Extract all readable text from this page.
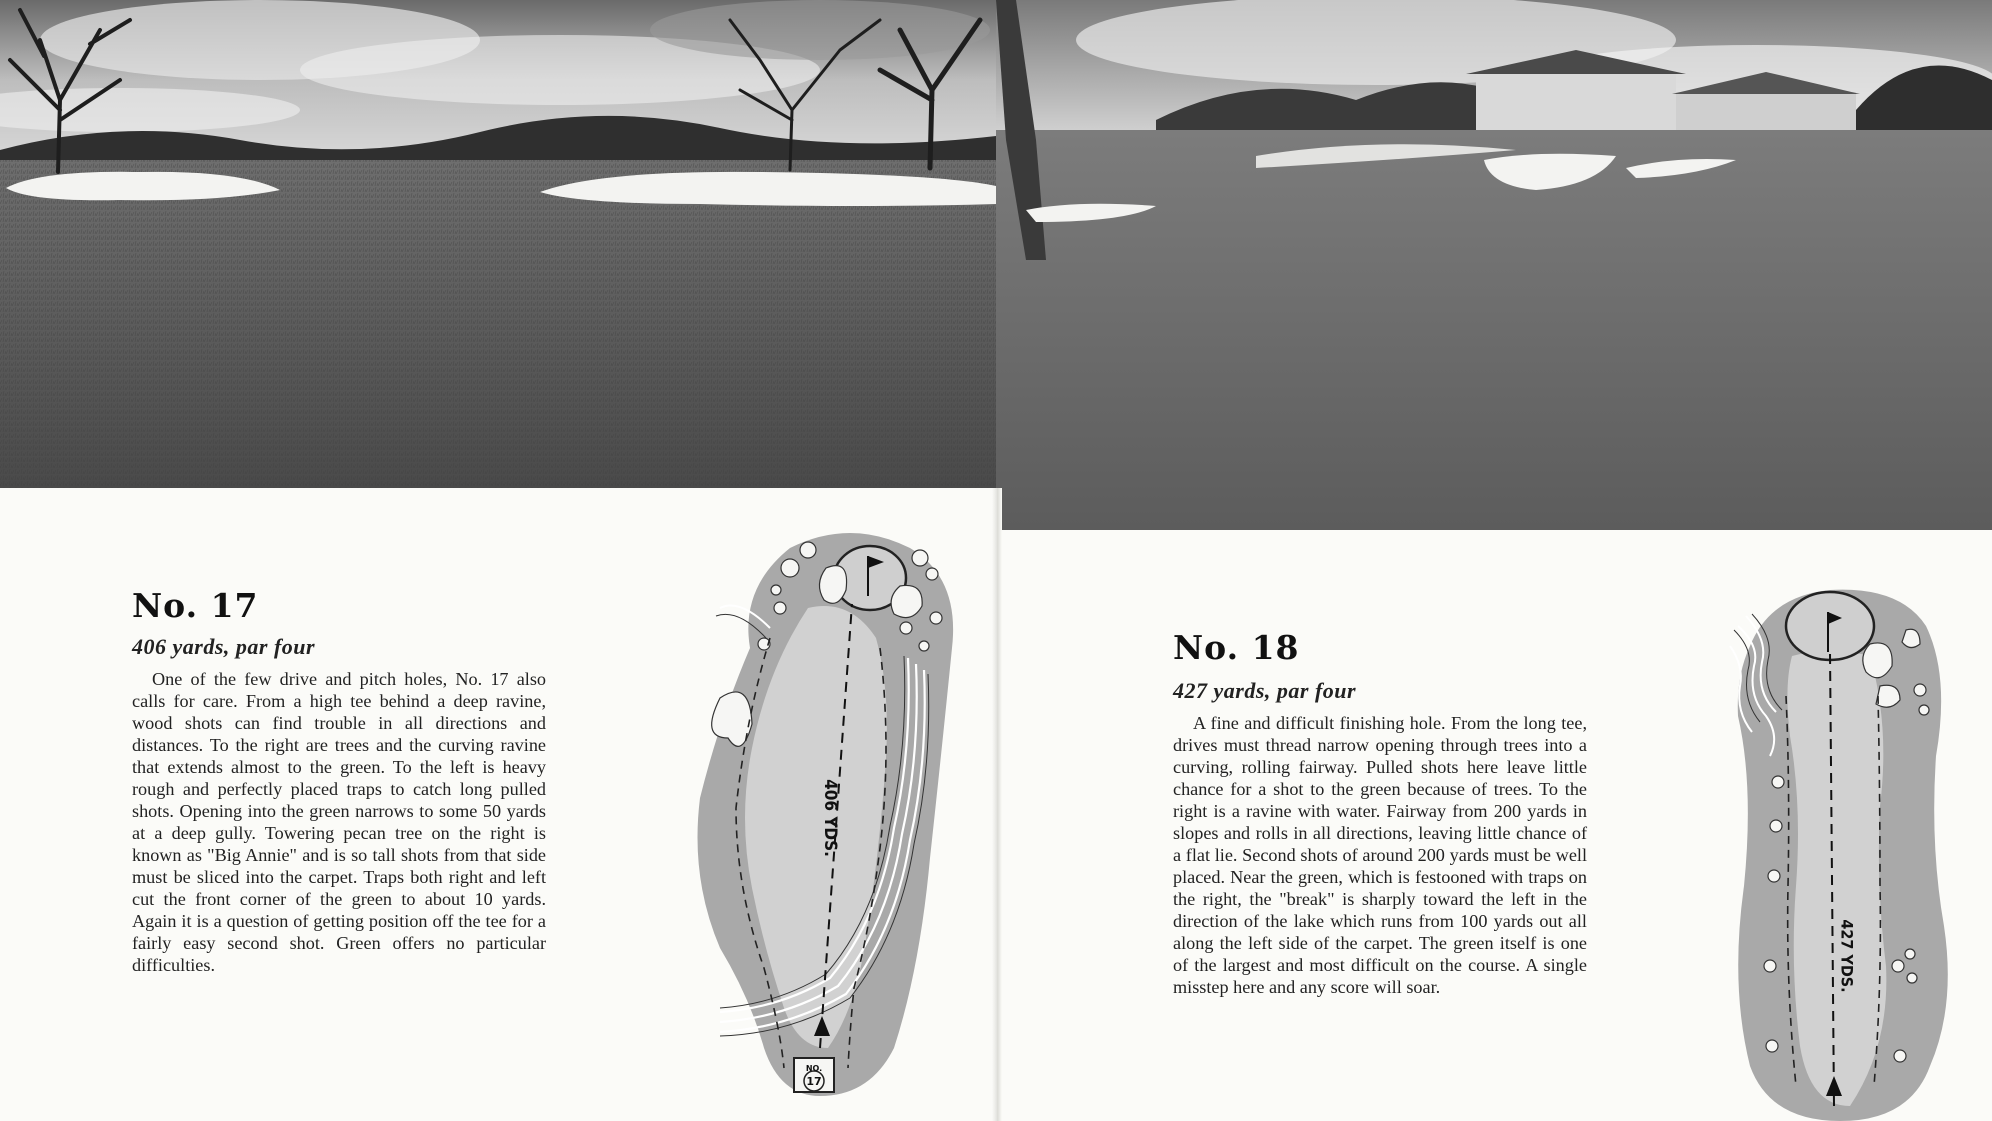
No. 17
406 yards, par four

One of the few drive and pitch holes, No. 17 also calls for care. From a high tee behind a deep ravine, wood shots can find trouble in all directions and distances. To the right are trees and the curving ravine that extends almost to the green. To the left is heavy rough and perfectly placed traps to catch long pulled shots. Opening into the green narrows to some 50 yards at a deep gully. Towering pecan tree on the right is known as "Big Annie" and is so tall shots from that side must be sliced into the carpet. Traps both right and left cut the front corner of the green to about 10 yards. Again it is a question of getting position off the tee for a fairly easy second shot. Green offers no particular difficulties.

406 YDS.
NO.
17
No. 18
427 yards, par four

A fine and difficult finishing hole. From the long tee, drives must thread narrow opening through trees into a curving, rolling fairway. Pulled shots here leave little chance for a shot to the green because of trees. To the right is a ravine with water. Fairway from 200 yards in slopes and rolls in all directions, leaving little chance of a flat lie. Second shots of around 200 yards must be well placed. Near the green, which is festooned with traps on the right, the "break" is sharply toward the left in the direction of the lake which runs from 100 yards out all along the left side of the carpet. The green itself is one of the largest and most difficult on the course. A single misstep here and any score will soar.	427 YDS.
